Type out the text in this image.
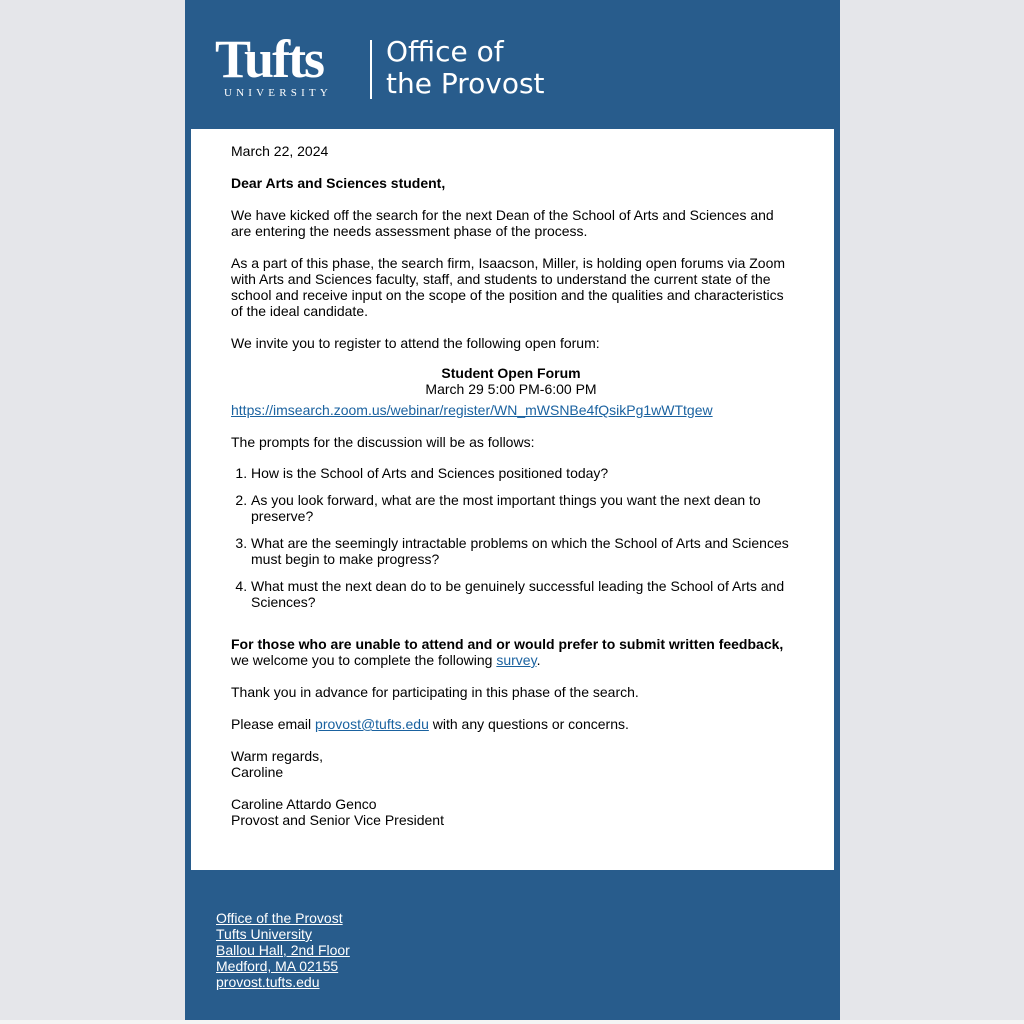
Tufts
UNIVERSITY
Office of
the Provost

March 22, 2024

Dear Arts and Sciences student,

We have kicked off the search for the next Dean of the School of Arts and Sciences and are entering the needs assessment phase of the process.

As a part of this phase, the search firm, Isaacson, Miller, is holding open forums via Zoom with Arts and Sciences faculty, staff, and students to understand the current state of the school and receive input on the scope of the position and the qualities and characteristics of the ideal candidate.

We invite you to register to attend the following open forum:

Student Open Forum

March 29 5:00 PM-6:00 PM

https://imsearch.zoom.us/webinar/register/WN_mWSNBe4fQsikPg1wWTtgew

The prompts for the discussion will be as follows:

1. How is the School of Arts and Sciences positioned today?
2. As you look forward, what are the most important things you want the next dean to preserve?
3. What are the seemingly intractable problems on which the School of Arts and Sciences must begin to make progress?
4. What must the next dean do to be genuinely successful leading the School of Arts and Sciences?

For those who are unable to attend and or would prefer to submit written feedback, we welcome you to complete the following survey.

Thank you in advance for participating in this phase of the search.

Please email provost@tufts.edu with any questions or concerns.

Warm regards,

Caroline

Caroline Attardo Genco

Provost and Senior Vice President

Office of the Provost
Tufts University
Ballou Hall, 2nd Floor
Medford, MA 02155
provost.tufts.edu
